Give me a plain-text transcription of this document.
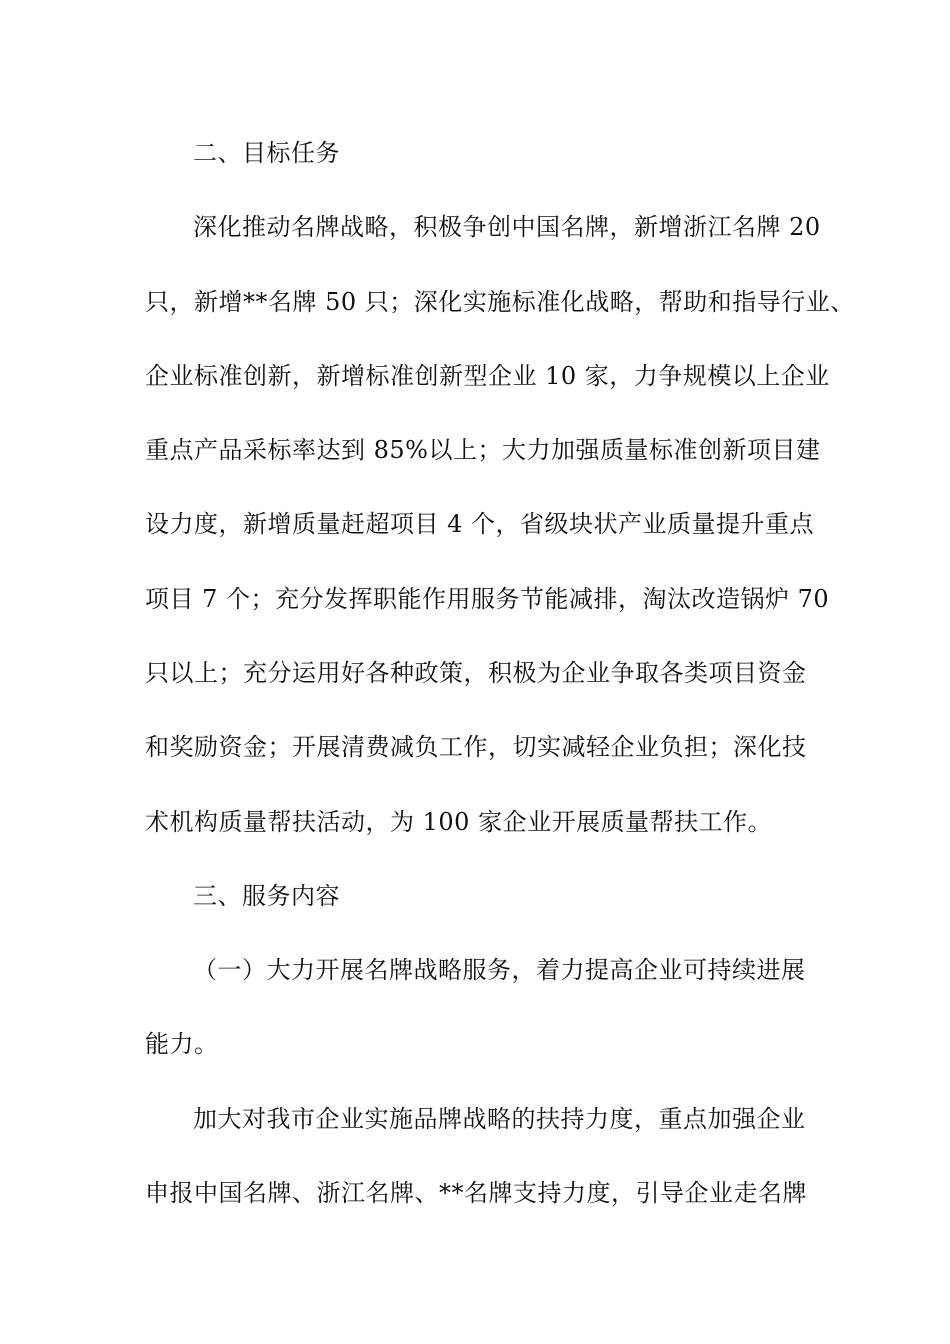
二、目标任务
深化推动名牌战略，积极争创中国名牌，新增浙江名牌 20
只，新增**名牌 50 只；深化实施标准化战略，帮助和指导行业、
企业标准创新，新增标准创新型企业 10 家，力争规模以上企业
重点产品采标率达到 85%以上；大力加强质量标准创新项目建
设力度，新增质量赶超项目 4 个，省级块状产业质量提升重点
项目 7 个；充分发挥职能作用服务节能减排，淘汰改造锅炉 70
只以上；充分运用好各种政策，积极为企业争取各类项目资金
和奖励资金；开展清费减负工作，切实减轻企业负担；深化技
术机构质量帮扶活动，为 100 家企业开展质量帮扶工作。
三、服务内容
（一）大力开展名牌战略服务，着力提高企业可持续进展
能力。
加大对我市企业实施品牌战略的扶持力度，重点加强企业
申报中国名牌、浙江名牌、**名牌支持力度，引导企业走名牌
